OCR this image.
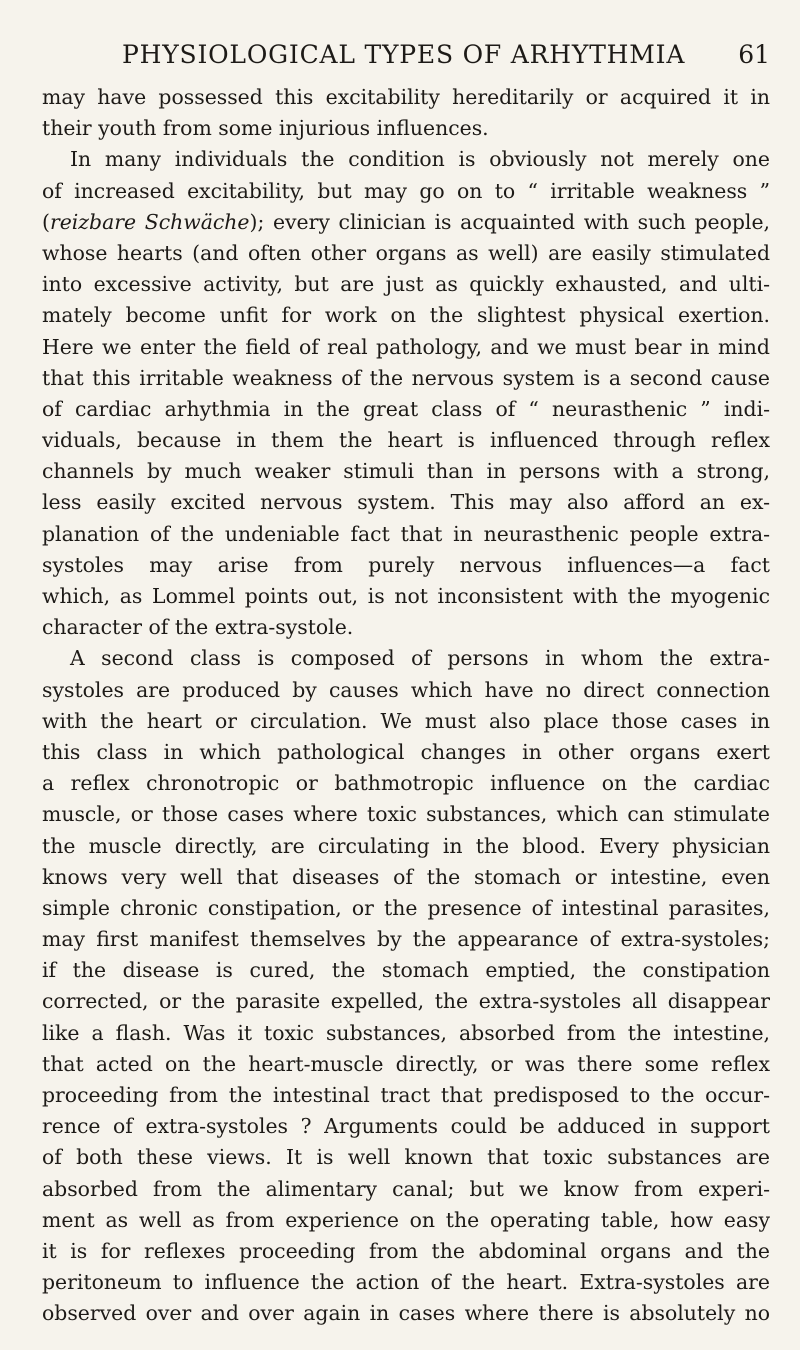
PHYSIOLOGICAL TYPES OF ARHYTHMIA 61
may have possessed this excitability hereditarily or acquired it in
their youth from some injurious influences.
In many individuals the condition is obviously not merely one
of increased excitability, but may go on to “ irritable weakness ”
(reizbare Schwäche); every clinician is acquainted with such people,
whose hearts (and often other organs as well) are easily stimulated
into excessive activity, but are just as quickly exhausted, and ulti-
mately become unfit for work on the slightest physical exertion.
Here we enter the field of real pathology, and we must bear in mind
that this irritable weakness of the nervous system is a second cause
of cardiac arhythmia in the great class of “ neurasthenic ” indi-
viduals, because in them the heart is influenced through reflex
channels by much weaker stimuli than in persons with a strong,
less easily excited nervous system. This may also afford an ex-
planation of the undeniable fact that in neurasthenic people extra-
systoles may arise from purely nervous influences—a fact
which, as Lommel points out, is not inconsistent with the myogenic
character of the extra-systole.
A second class is composed of persons in whom the extra-
systoles are produced by causes which have no direct connection
with the heart or circulation. We must also place those cases in
this class in which pathological changes in other organs exert
a reflex chronotropic or bathmotropic influence on the cardiac
muscle, or those cases where toxic substances, which can stimulate
the muscle directly, are circulating in the blood. Every physician
knows very well that diseases of the stomach or intestine, even
simple chronic constipation, or the presence of intestinal parasites,
may first manifest themselves by the appearance of extra-systoles;
if the disease is cured, the stomach emptied, the constipation
corrected, or the parasite expelled, the extra-systoles all disappear
like a flash. Was it toxic substances, absorbed from the intestine,
that acted on the heart-muscle directly, or was there some reflex
proceeding from the intestinal tract that predisposed to the occur-
rence of extra-systoles ? Arguments could be adduced in support
of both these views. It is well known that toxic substances are
absorbed from the alimentary canal; but we know from experi-
ment as well as from experience on the operating table, how easy
it is for reflexes proceeding from the abdominal organs and the
peritoneum to influence the action of the heart. Extra-systoles are
observed over and over again in cases where there is absolutely no
